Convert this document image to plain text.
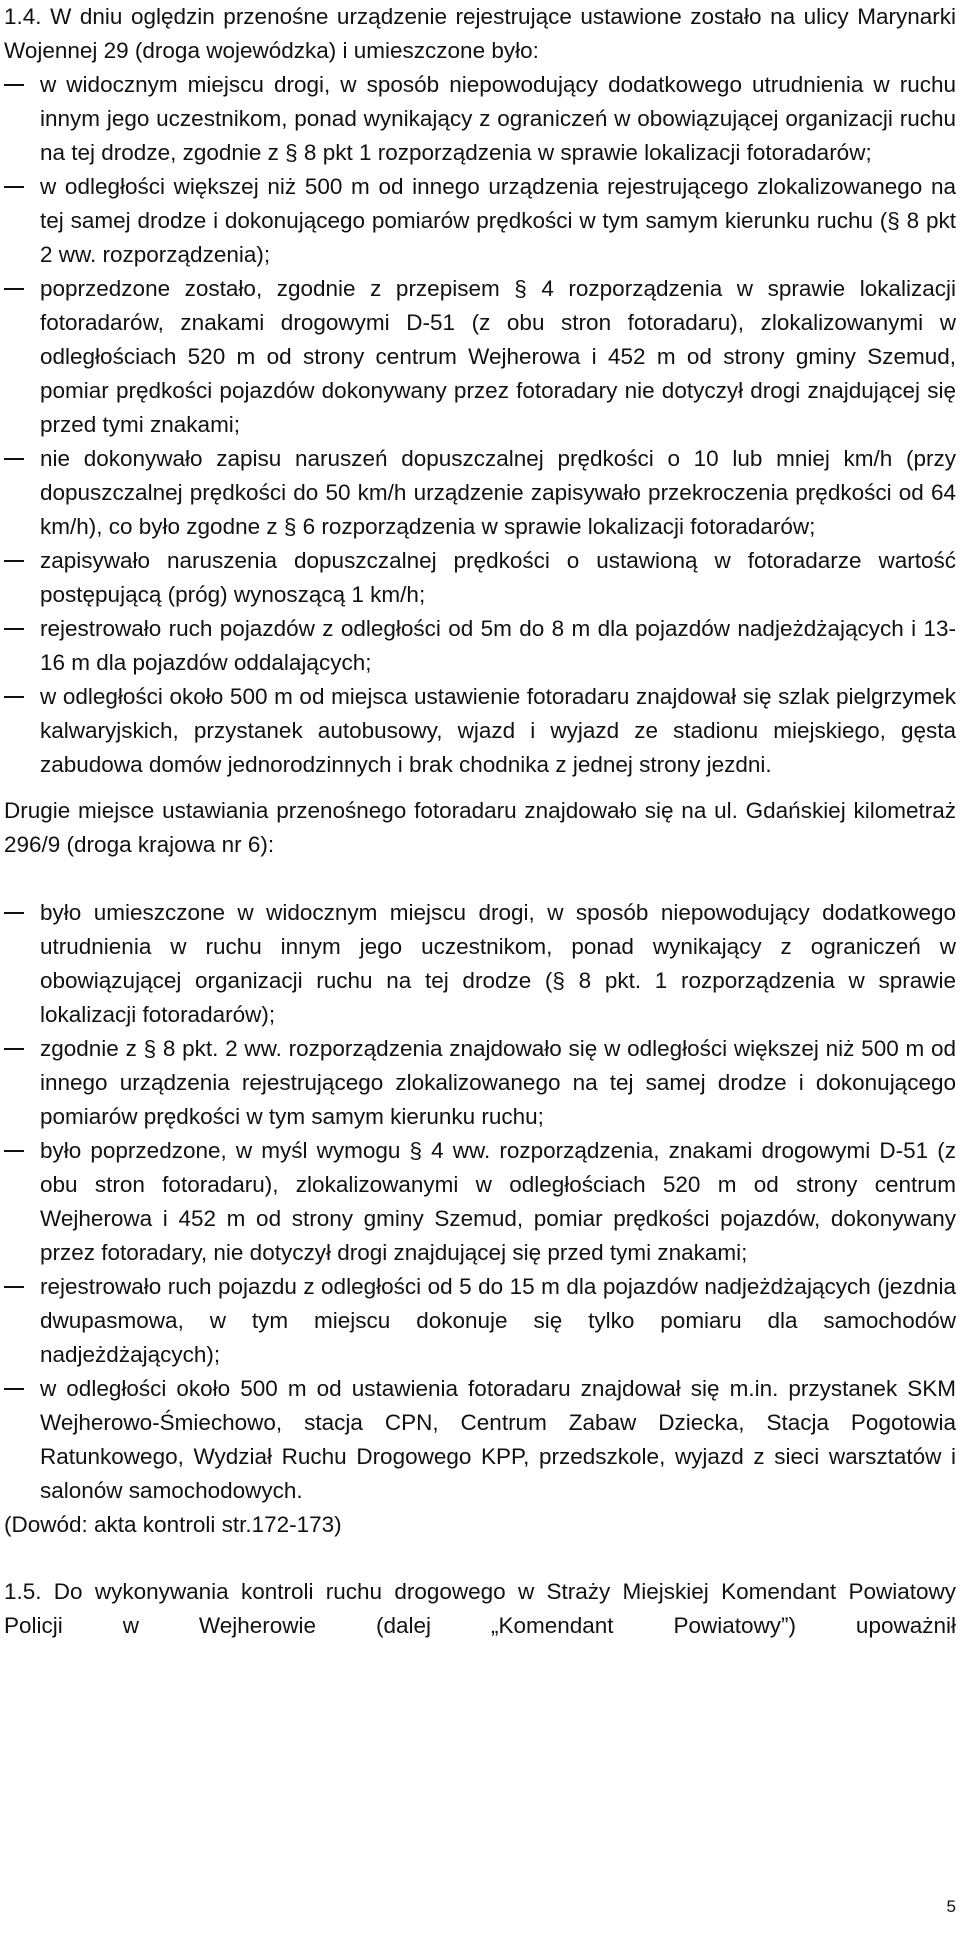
1.4. W dniu oględzin przenośne urządzenie rejestrujące ustawione zostało na ulicy Marynarki Wojennej 29 (droga wojewódzka) i umieszczone było:

w widocznym miejscu drogi, w sposób niepowodujący dodatkowego utrudnienia w ruchu innym jego uczestnikom, ponad wynikający z ograniczeń w obowiązującej organizacji ruchu na tej drodze, zgodnie z § 8 pkt 1 rozporządzenia w sprawie lokalizacji fotoradarów;
w odległości większej niż 500 m od innego urządzenia rejestrującego zlokalizowanego na tej samej drodze i dokonującego pomiarów prędkości w tym samym kierunku ruchu (§ 8 pkt 2 ww. rozporządzenia);
poprzedzone zostało, zgodnie z przepisem § 4 rozporządzenia w sprawie lokalizacji fotoradarów, znakami drogowymi D-51 (z obu stron fotoradaru), zlokalizowanymi w odległościach 520 m od strony centrum Wejherowa i 452 m od strony gminy Szemud, pomiar prędkości pojazdów dokonywany przez fotoradary nie dotyczył drogi znajdującej się przed tymi znakami;
nie dokonywało zapisu naruszeń dopuszczalnej prędkości o 10 lub mniej km/h (przy dopuszczalnej prędkości do 50 km/h urządzenie zapisywało przekroczenia prędkości od 64 km/h), co było zgodne z § 6 rozporządzenia w sprawie lokalizacji fotoradarów;
zapisywało naruszenia dopuszczalnej prędkości o ustawioną w fotoradarze wartość postępującą (próg) wynoszącą 1 km/h;
rejestrowało ruch pojazdów z odległości od 5m do 8 m dla pojazdów nadjeżdżających i 13-16 m dla pojazdów oddalających;
w odległości około 500 m od miejsca ustawienie fotoradaru znajdował się szlak pielgrzymek kalwaryjskich, przystanek autobusowy, wjazd i wyjazd ze stadionu miejskiego, gęsta zabudowa domów jednorodzinnych i brak chodnika z jednej strony jezdni.

Drugie miejsce ustawiania przenośnego fotoradaru znajdowało się na ul. Gdańskiej kilometraż 296/9 (droga krajowa nr 6):

było umieszczone w widocznym miejscu drogi, w sposób niepowodujący dodatkowego utrudnienia w ruchu innym jego uczestnikom, ponad wynikający z ograniczeń w obowiązującej organizacji ruchu na tej drodze (§ 8 pkt. 1 rozporządzenia w sprawie lokalizacji fotoradarów);
zgodnie z § 8 pkt. 2 ww. rozporządzenia znajdowało się w odległości większej niż 500 m od innego urządzenia rejestrującego zlokalizowanego na tej samej drodze i dokonującego pomiarów prędkości w tym samym kierunku ruchu;
było poprzedzone, w myśl wymogu § 4 ww. rozporządzenia, znakami drogowymi D-51 (z obu stron fotoradaru), zlokalizowanymi w odległościach 520 m od strony centrum Wejherowa i 452 m od strony gminy Szemud, pomiar prędkości pojazdów, dokonywany przez fotoradary, nie dotyczył drogi znajdującej się przed tymi znakami;
rejestrowało ruch pojazdu z odległości od 5 do 15 m dla pojazdów nadjeżdżających (jezdnia dwupasmowa, w tym miejscu dokonuje się tylko pomiaru dla samochodów nadjeżdżających);
w odległości około 500 m od ustawienia fotoradaru znajdował się m.in. przystanek SKM Wejherowo-Śmiechowo, stacja CPN, Centrum Zabaw Dziecka, Stacja Pogotowia Ratunkowego, Wydział Ruchu Drogowego KPP, przedszkole, wyjazd z sieci warsztatów i salonów samochodowych.

(Dowód: akta kontroli str.172-173)

1.5. Do wykonywania kontroli ruchu drogowego w Straży Miejskiej Komendant Powiatowy Policji w Wejherowie (dalej „Komendant Powiatowy”) upoważnił

5
